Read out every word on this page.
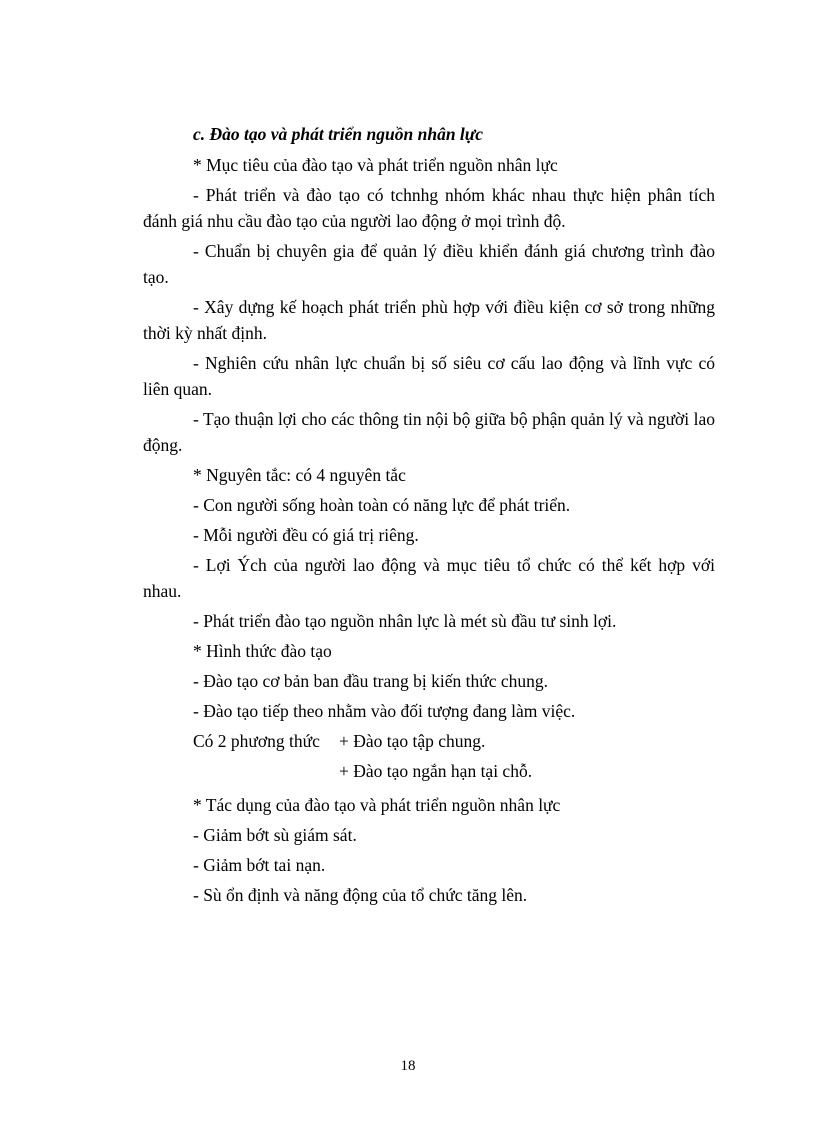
c. Đào tạo và phát triển nguồn nhân lực

* Mục tiêu của đào tạo và phát triển nguồn nhân lực

- Phát triển và đào tạo có tchnhg nhóm khác nhau thực hiện phân tích đánh giá nhu cầu đào tạo của người lao động ở mọi trình độ.

- Chuẩn bị chuyên gia để quản lý điều khiển đánh giá chương trình đào tạo.

- Xây dựng kế hoạch phát triển phù hợp với điều kiện cơ sở trong những thời kỳ nhất định.

- Nghiên cứu nhân lực chuẩn bị số siêu cơ cấu lao động và lĩnh vực có liên quan.

- Tạo thuận lợi cho các thông tin nội bộ giữa bộ phận quản lý và người lao động.

* Nguyên tắc: có 4 nguyên tắc

- Con người sống hoàn toàn có năng lực để phát triển.

- Mỗi người đều có giá trị riêng.

- Lợi Ých của người lao động và mục tiêu tổ chức có thể kết hợp với nhau.

- Phát triển đào tạo nguồn nhân lực là mét sù đầu tư sinh lợi.

* Hình thức đào tạo

- Đào tạo cơ bản ban đầu trang bị kiến thức chung.

- Đào tạo tiếp theo nhằm vào đối tượng đang làm việc.

Có 2 phương thức + Đào tạo tập chung.
+ Đào tạo ngắn hạn tại chỗ.

* Tác dụng của đào tạo và phát triển nguồn nhân lực

- Giảm bớt sù giám sát.

- Giảm bớt tai nạn.

- Sù ổn định và năng động của tổ chức tăng lên.

18
